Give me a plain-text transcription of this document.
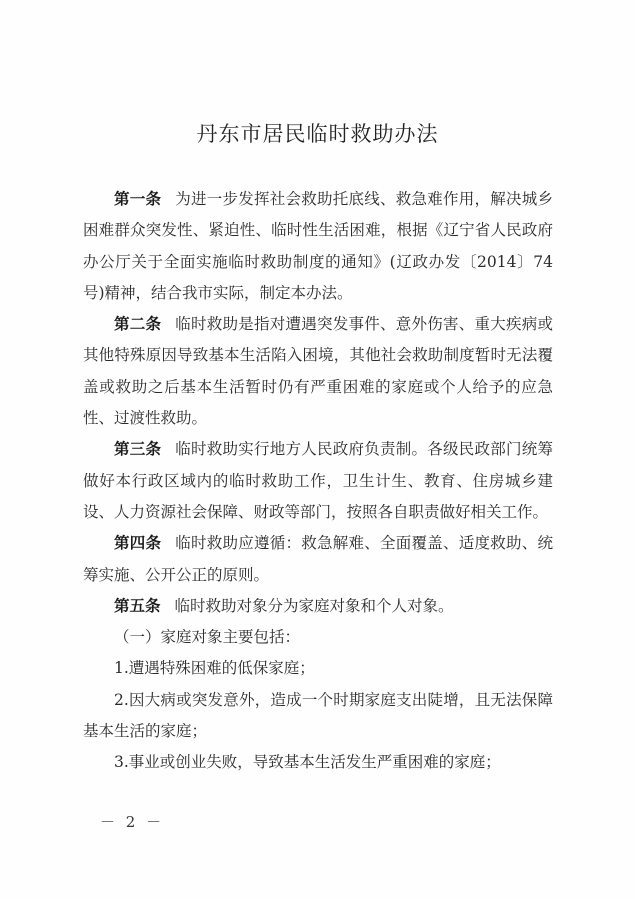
丹东市居民临时救助办法

第一条 为进一步发挥社会救助托底线、救急难作用，解决城乡困难群众突发性、紧迫性、临时性生活困难，根据《辽宁省人民政府办公厅关于全面实施临时救助制度的通知》(辽政办发〔2014〕74号)精神，结合我市实际，制定本办法。

第二条 临时救助是指对遭遇突发事件、意外伤害、重大疾病或其他特殊原因导致基本生活陷入困境，其他社会救助制度暂时无法覆盖或救助之后基本生活暂时仍有严重困难的家庭或个人给予的应急性、过渡性救助。

第三条 临时救助实行地方人民政府负责制。各级民政部门统筹做好本行政区域内的临时救助工作，卫生计生、教育、住房城乡建设、人力资源社会保障、财政等部门，按照各自职责做好相关工作。

第四条 临时救助应遵循：救急解难、全面覆盖、适度救助、统筹实施、公开公正的原则。

第五条 临时救助对象分为家庭对象和个人对象。

（一）家庭对象主要包括：

1.遭遇特殊困难的低保家庭；

2.因大病或突发意外，造成一个时期家庭支出陡增，且无法保障基本生活的家庭；

3.事业或创业失败，导致基本生活发生严重困难的家庭；

－ 2 －
